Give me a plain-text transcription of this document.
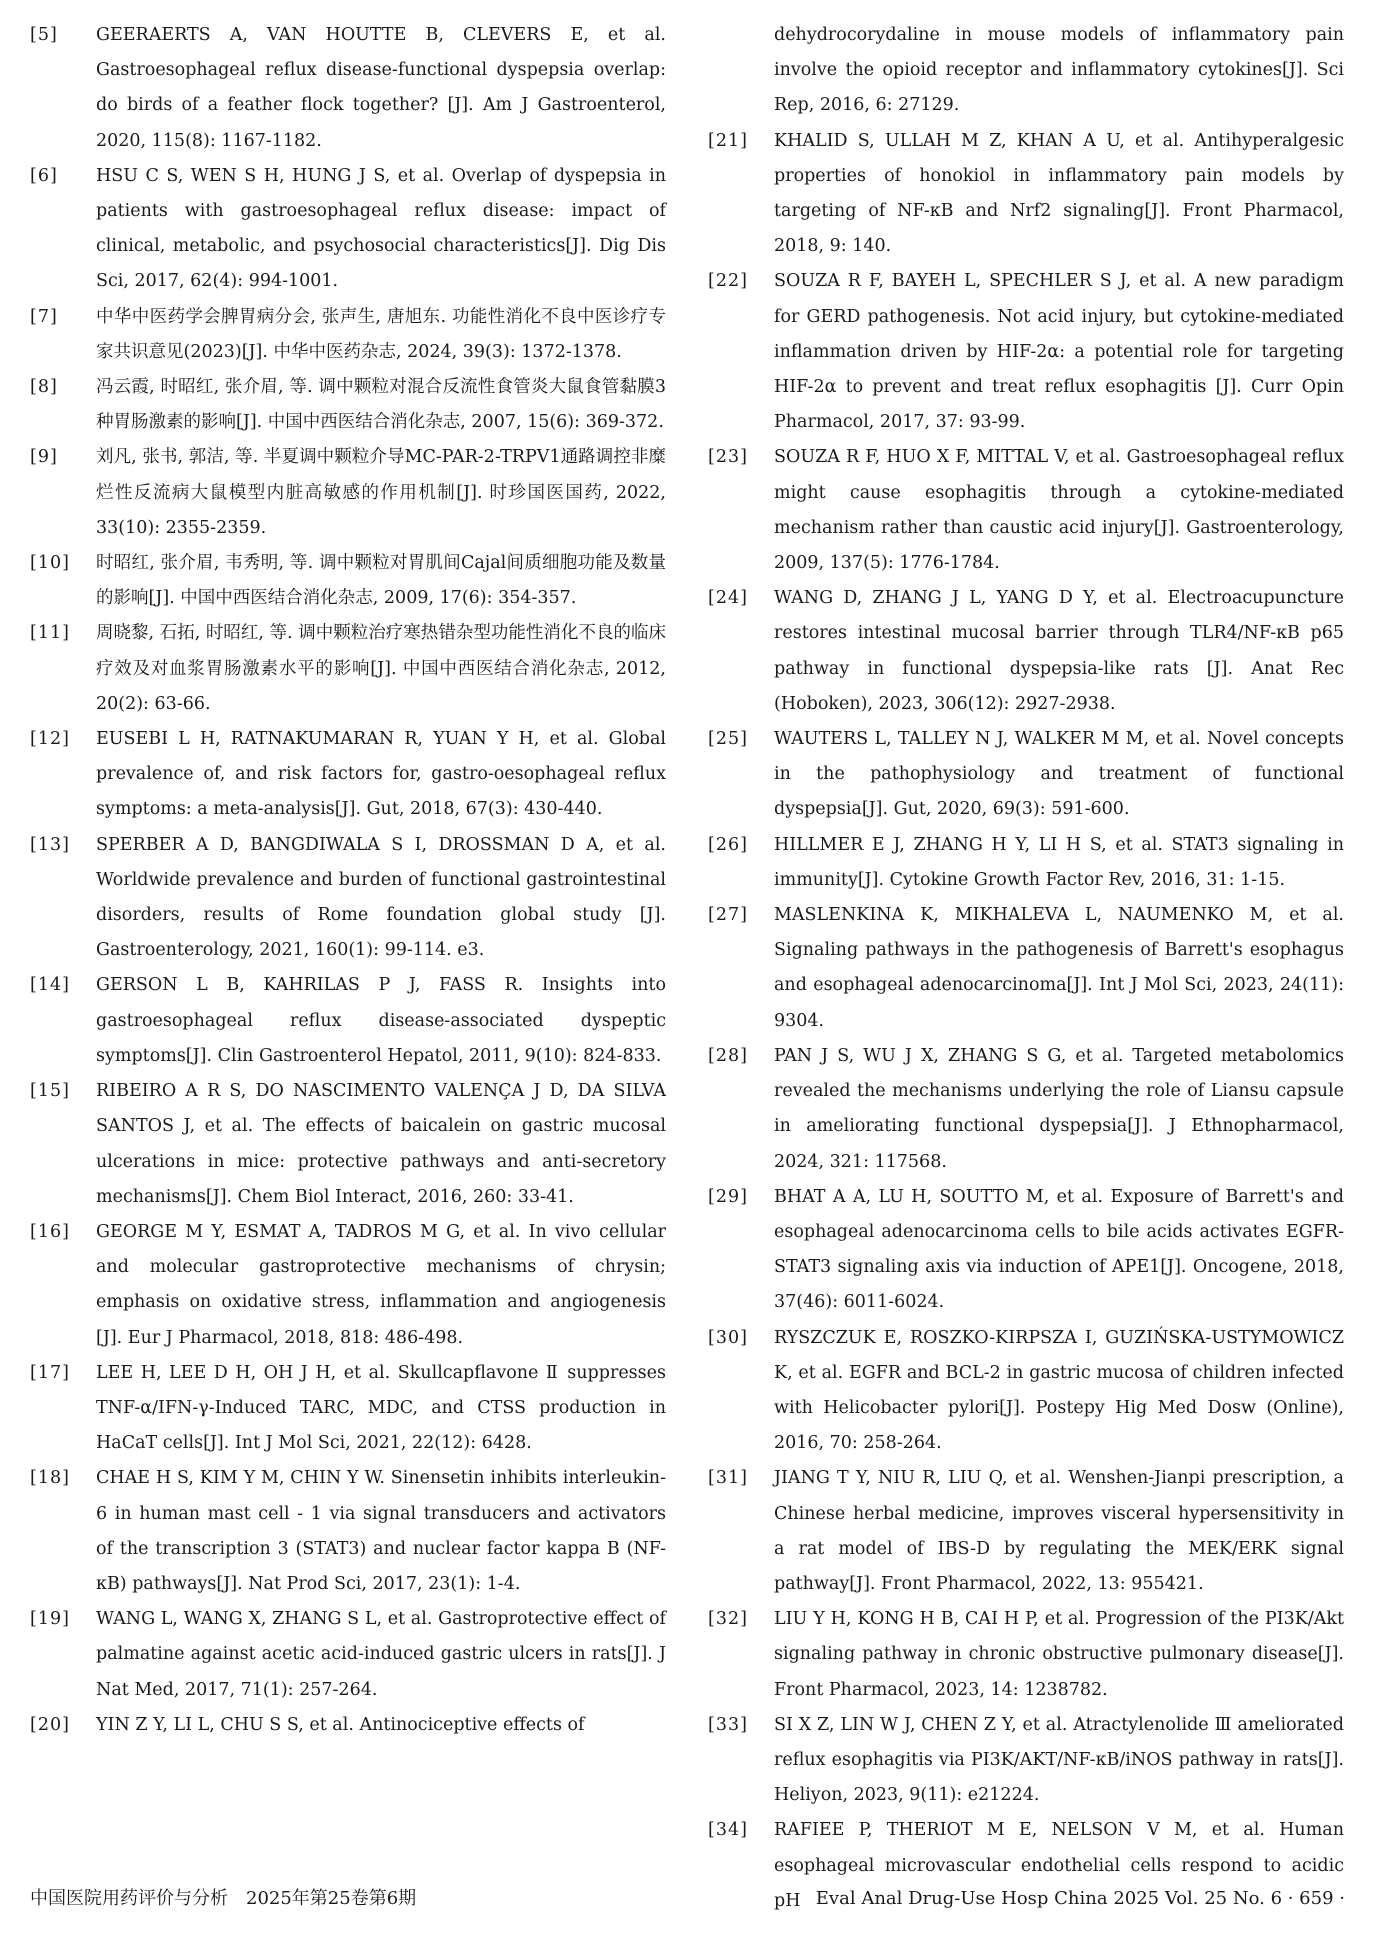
[5]	GEERAERTS A, VAN HOUTTE B, CLEVERS E, et al. Gastroesophageal reflux disease-functional dyspepsia overlap: do birds of a feather flock together? [J]. Am J Gastroenterol, 2020, 115(8): 1167-1182.
[6]	HSU C S, WEN S H, HUNG J S, et al. Overlap of dyspepsia in patients with gastroesophageal reflux disease: impact of clinical, metabolic, and psychosocial characteristics[J]. Dig Dis Sci, 2017, 62(4): 994-1001.
[7]	中华中医药学会脾胃病分会, 张声生, 唐旭东. 功能性消化不良中医诊疗专家共识意见(2023)[J]. 中华中医药杂志, 2024, 39(3): 1372-1378.
[8]	冯云霞, 时昭红, 张介眉, 等. 调中颗粒对混合反流性食管炎大鼠食管黏膜3种胃肠激素的影响[J]. 中国中西医结合消化杂志, 2007, 15(6): 369-372.
[9]	刘凡, 张书, 郭洁, 等. 半夏调中颗粒介导MC-PAR-2-TRPV1通路调控非糜烂性反流病大鼠模型内脏高敏感的作用机制[J]. 时珍国医国药, 2022, 33(10): 2355-2359.
[10]	时昭红, 张介眉, 韦秀明, 等. 调中颗粒对胃肌间Cajal间质细胞功能及数量的影响[J]. 中国中西医结合消化杂志, 2009, 17(6): 354-357.
[11]	周晓黎, 石拓, 时昭红, 等. 调中颗粒治疗寒热错杂型功能性消化不良的临床疗效及对血浆胃肠激素水平的影响[J]. 中国中西医结合消化杂志, 2012, 20(2): 63-66.
[12]	EUSEBI L H, RATNAKUMARAN R, YUAN Y H, et al. Global prevalence of, and risk factors for, gastro-oesophageal reflux symptoms: a meta-analysis[J]. Gut, 2018, 67(3): 430-440.
[13]	SPERBER A D, BANGDIWALA S I, DROSSMAN D A, et al. Worldwide prevalence and burden of functional gastrointestinal disorders, results of Rome foundation global study [J]. Gastroenterology, 2021, 160(1): 99-114. e3.
[14]	GERSON L B, KAHRILAS P J, FASS R. Insights into gastroesophageal reflux disease-associated dyspeptic symptoms[J]. Clin Gastroenterol Hepatol, 2011, 9(10): 824-833.
[15]	RIBEIRO A R S, DO NASCIMENTO VALENÇA J D, DA SILVA SANTOS J, et al. The effects of baicalein on gastric mucosal ulcerations in mice: protective pathways and anti-secretory mechanisms[J]. Chem Biol Interact, 2016, 260: 33-41.
[16]	GEORGE M Y, ESMAT A, TADROS M G, et al. In vivo cellular and molecular gastroprotective mechanisms of chrysin; emphasis on oxidative stress, inflammation and angiogenesis [J]. Eur J Pharmacol, 2018, 818: 486-498.
[17]	LEE H, LEE D H, OH J H, et al. Skullcapflavone Ⅱ suppresses TNF-α/IFN-γ-Induced TARC, MDC, and CTSS production in HaCaT cells[J]. Int J Mol Sci, 2021, 22(12): 6428.
[18]	CHAE H S, KIM Y M, CHIN Y W. Sinensetin inhibits interleukin-6 in human mast cell - 1 via signal transducers and activators of the transcription 3 (STAT3) and nuclear factor kappa B (NF-κB) pathways[J]. Nat Prod Sci, 2017, 23(1): 1-4.
[19]	WANG L, WANG X, ZHANG S L, et al. Gastroprotective effect of palmatine against acetic acid-induced gastric ulcers in rats[J]. J Nat Med, 2017, 71(1): 257-264.
[20]	YIN Z Y, LI L, CHU S S, et al. Antinociceptive effects of
dehydrocorydaline in mouse models of inflammatory pain involve the opioid receptor and inflammatory cytokines[J]. Sci Rep, 2016, 6: 27129.
[21]	KHALID S, ULLAH M Z, KHAN A U, et al. Antihyperalgesic properties of honokiol in inflammatory pain models by targeting of NF-κB and Nrf2 signaling[J]. Front Pharmacol, 2018, 9: 140.
[22]	SOUZA R F, BAYEH L, SPECHLER S J, et al. A new paradigm for GERD pathogenesis. Not acid injury, but cytokine-mediated inflammation driven by HIF-2α: a potential role for targeting HIF-2α to prevent and treat reflux esophagitis [J]. Curr Opin Pharmacol, 2017, 37: 93-99.
[23]	SOUZA R F, HUO X F, MITTAL V, et al. Gastroesophageal reflux might cause esophagitis through a cytokine-mediated mechanism rather than caustic acid injury[J]. Gastroenterology, 2009, 137(5): 1776-1784.
[24]	WANG D, ZHANG J L, YANG D Y, et al. Electroacupuncture restores intestinal mucosal barrier through TLR4/NF-κB p65 pathway in functional dyspepsia-like rats [J]. Anat Rec (Hoboken), 2023, 306(12): 2927-2938.
[25]	WAUTERS L, TALLEY N J, WALKER M M, et al. Novel concepts in the pathophysiology and treatment of functional dyspepsia[J]. Gut, 2020, 69(3): 591-600.
[26]	HILLMER E J, ZHANG H Y, LI H S, et al. STAT3 signaling in immunity[J]. Cytokine Growth Factor Rev, 2016, 31: 1-15.
[27]	MASLENKINA K, MIKHALEVA L, NAUMENKO M, et al. Signaling pathways in the pathogenesis of Barrett's esophagus and esophageal adenocarcinoma[J]. Int J Mol Sci, 2023, 24(11): 9304.
[28]	PAN J S, WU J X, ZHANG S G, et al. Targeted metabolomics revealed the mechanisms underlying the role of Liansu capsule in ameliorating functional dyspepsia[J]. J Ethnopharmacol, 2024, 321: 117568.
[29]	BHAT A A, LU H, SOUTTO M, et al. Exposure of Barrett's and esophageal adenocarcinoma cells to bile acids activates EGFR-STAT3 signaling axis via induction of APE1[J]. Oncogene, 2018, 37(46): 6011-6024.
[30]	RYSZCZUK E, ROSZKO-KIRPSZA I, GUZIŃSKA-USTYMOWICZ K, et al. EGFR and BCL-2 in gastric mucosa of children infected with Helicobacter pylori[J]. Postepy Hig Med Dosw (Online), 2016, 70: 258-264.
[31]	JIANG T Y, NIU R, LIU Q, et al. Wenshen-Jianpi prescription, a Chinese herbal medicine, improves visceral hypersensitivity in a rat model of IBS-D by regulating the MEK/ERK signal pathway[J]. Front Pharmacol, 2022, 13: 955421.
[32]	LIU Y H, KONG H B, CAI H P, et al. Progression of the PI3K/Akt signaling pathway in chronic obstructive pulmonary disease[J]. Front Pharmacol, 2023, 14: 1238782.
[33]	SI X Z, LIN W J, CHEN Z Y, et al. Atractylenolide Ⅲ ameliorated reflux esophagitis via PI3K/AKT/NF-κB/iNOS pathway in rats[J]. Heliyon, 2023, 9(11): e21224.
[34]	RAFIEE P, THERIOT M E, NELSON V M, et al. Human esophageal microvascular endothelial cells respond to acidic pH
中国医院用药评价与分析　2025年第25卷第6期	Eval Anal Drug-Use Hosp China 2025 Vol. 25 No. 6 · 659 ·
